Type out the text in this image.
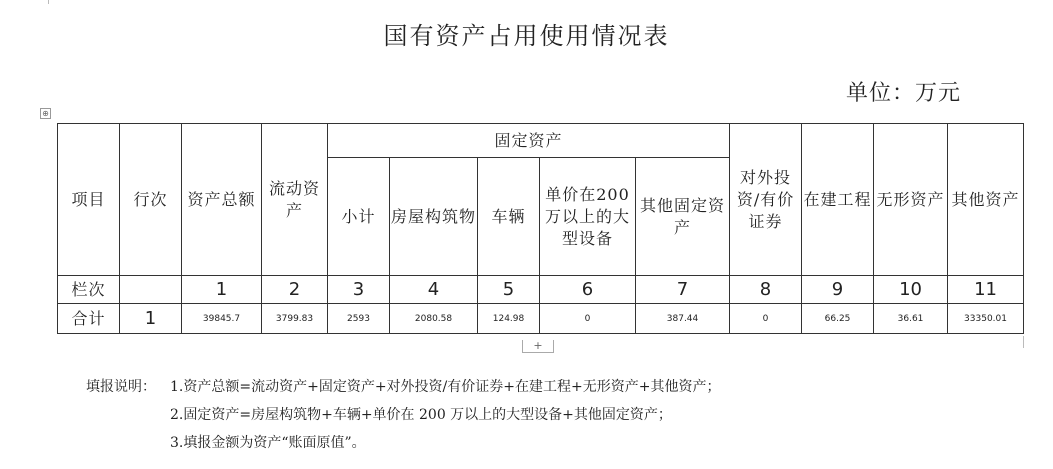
国有资产占用使用情况表
单位：万元
⊕
项目	行次	资产总额	流动资产	固定资产					对外投资/有价证券	在建工程	无形资产	其他资产
				小计	房屋构筑物	车辆	单价在200万以上的大型设备	其他固定资产				
栏次		1	2	3	4	5	6	7	8	9	10	11
合计	1	39845.7	3799.83	2593	2080.58	124.98	0	387.44	0	66.25	36.61	33350.01
+
填报说明： 1.资产总额=流动资产+固定资产+对外投资/有价证券+在建工程+无形资产+其他资产；
2.固定资产=房屋构筑物+车辆+单价在 200 万以上的大型设备+其他固定资产；
3.填报金额为资产“账面原值”。
